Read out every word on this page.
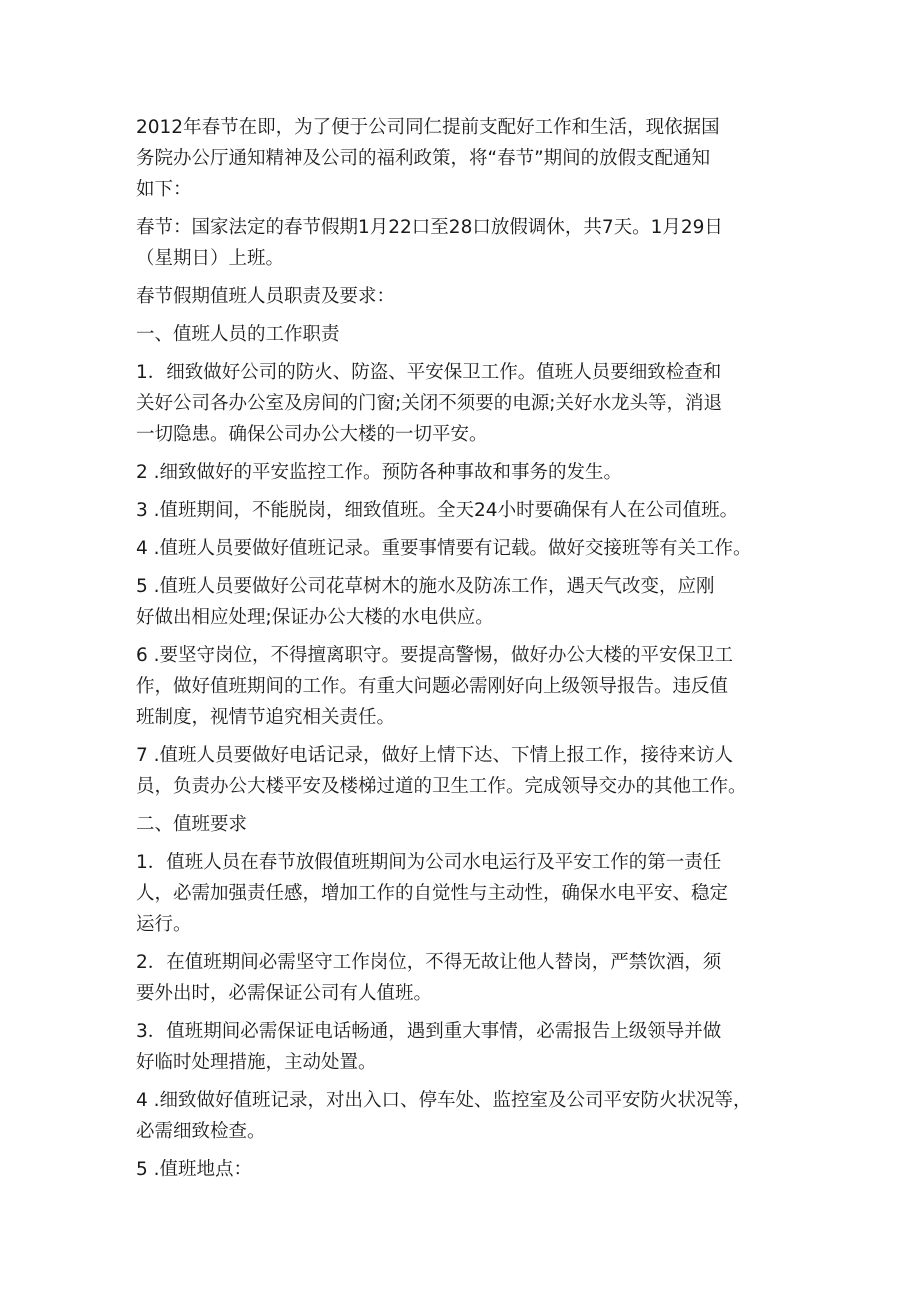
2012年春节在即，为了便于公司同仁提前支配好工作和生活，现依据国
务院办公厅通知精神及公司的福利政策，将“春节”期间的放假支配通知
如下：
春节：国家法定的春节假期1月22口至28口放假调休，共7天。1月29日
（星期日）上班。
春节假期值班人员职责及要求：
一、值班人员的工作职责
1．细致做好公司的防火、防盗、平安保卫工作。值班人员要细致检查和
关好公司各办公室及房间的门窗;关闭不须要的电源;关好水龙头等，消退
一切隐患。确保公司办公大楼的一切平安。
2 .细致做好的平安监控工作。预防各种事故和事务的发生。
3 .值班期间，不能脱岗，细致值班。全天24小时要确保有人在公司值班。
4 .值班人员要做好值班记录。重要事情要有记载。做好交接班等有关工作。
5 .值班人员要做好公司花草树木的施水及防冻工作，遇天气改变，应刚
好做出相应处理;保证办公大楼的水电供应。
6 .要坚守岗位，不得擅离职守。要提高警惕，做好办公大楼的平安保卫工
作，做好值班期间的工作。有重大问题必需刚好向上级领导报告。违反值
班制度，视情节追究相关责任。
7 .值班人员要做好电话记录，做好上情下达、下情上报工作，接待来访人
员，负责办公大楼平安及楼梯过道的卫生工作。完成领导交办的其他工作。
二、值班要求
1．值班人员在春节放假值班期间为公司水电运行及平安工作的第一责任
人，必需加强责任感，增加工作的自觉性与主动性，确保水电平安、稳定
运行。
2．在值班期间必需坚守工作岗位，不得无故让他人替岗，严禁饮酒，须
要外出时，必需保证公司有人值班。
3．值班期间必需保证电话畅通，遇到重大事情，必需报告上级领导并做
好临时处理措施，主动处置。
4 .细致做好值班记录，对出入口、停车处、监控室及公司平安防火状况等，
必需细致检查。
5 .值班地点：
